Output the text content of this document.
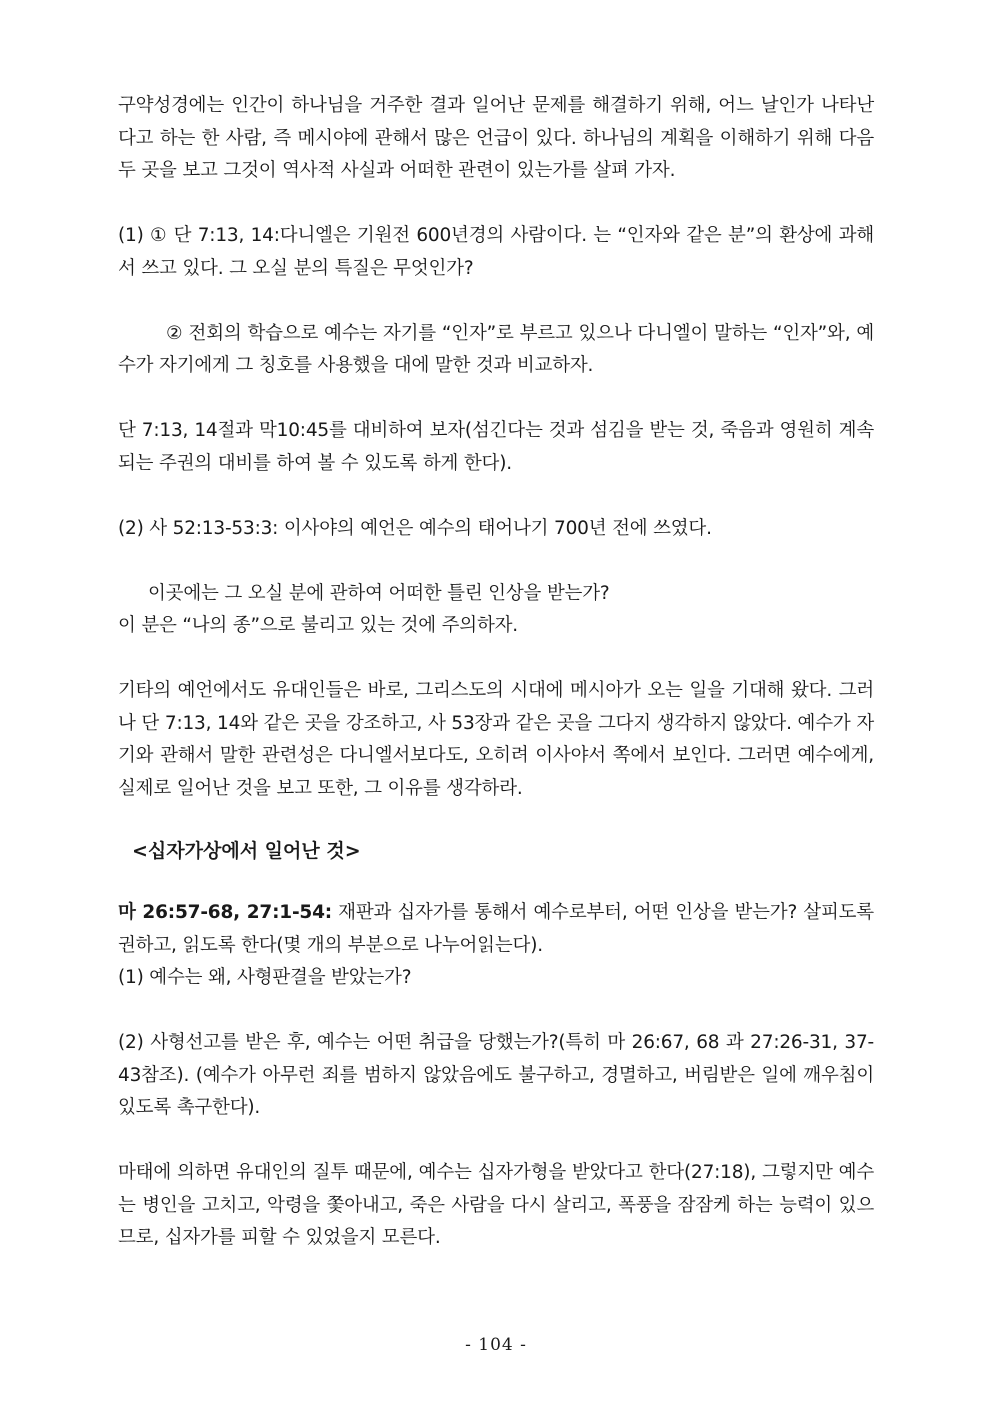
구약성경에는 인간이 하나님을 거주한 결과 일어난 문제를 해결하기 위해, 어느 날인가 나타난다고 하는 한 사람, 즉 메시야에 관해서 많은 언급이 있다. 하나님의 계획을 이해하기 위해 다음 두 곳을 보고 그것이 역사적 사실과 어떠한 관련이 있는가를 살펴 가자.

(1) ① 단 7:13, 14:다니엘은 기원전 600년경의 사람이다. 는 “인자와 같은 분”의 환상에 과해서 쓰고 있다. 그 오실 분의 특질은 무엇인가?

② 전회의 학습으로 예수는 자기를 “인자”로 부르고 있으나 다니엘이 말하는 “인자”와, 예수가 자기에게 그 칭호를 사용했을 대에 말한 것과 비교하자.

단 7:13, 14절과 막10:45를 대비하여 보자(섬긴다는 것과 섬김을 받는 것, 죽음과 영원히 계속되는 주권의 대비를 하여 볼 수 있도록 하게 한다).

(2) 사 52:13-53:3: 이사야의 예언은 예수의 태어나기 700년 전에 쓰였다.

이곳에는 그 오실 분에 관하여 어떠한 틀린 인상을 받는가?

이 분은 “나의 종”으로 불리고 있는 것에 주의하자.

기타의 예언에서도 유대인들은 바로, 그리스도의 시대에 메시아가 오는 일을 기대해 왔다. 그러나 단 7:13, 14와 같은 곳을 강조하고, 사 53장과 같은 곳을 그다지 생각하지 않았다. 예수가 자기와 관해서 말한 관련성은 다니엘서보다도, 오히려 이사야서 쪽에서 보인다. 그러면 예수에게, 실제로 일어난 것을 보고 또한, 그 이유를 생각하라.

<십자가상에서 일어난 것>

마 26:57-68, 27:1-54: 재판과 십자가를 통해서 예수로부터, 어떤 인상을 받는가? 살피도록 권하고, 읽도록 한다(몇 개의 부분으로 나누어읽는다).

(1) 예수는 왜, 사형판결을 받았는가?

(2) 사형선고를 받은 후, 예수는 어떤 취급을 당했는가?(특히 마 26:67, 68 과 27:26-31, 37-43참조). (예수가 아무런 죄를 범하지 않았음에도 불구하고, 경멸하고, 버림받은 일에 깨우침이 있도록 촉구한다).

마태에 의하면 유대인의 질투 때문에, 예수는 십자가형을 받았다고 한다(27:18), 그렇지만 예수는 병인을 고치고, 악령을 쫓아내고, 죽은 사람을 다시 살리고, 폭풍을 잠잠케 하는 능력이 있으므로, 십자가를 피할 수 있었을지 모른다.

- 104 -
